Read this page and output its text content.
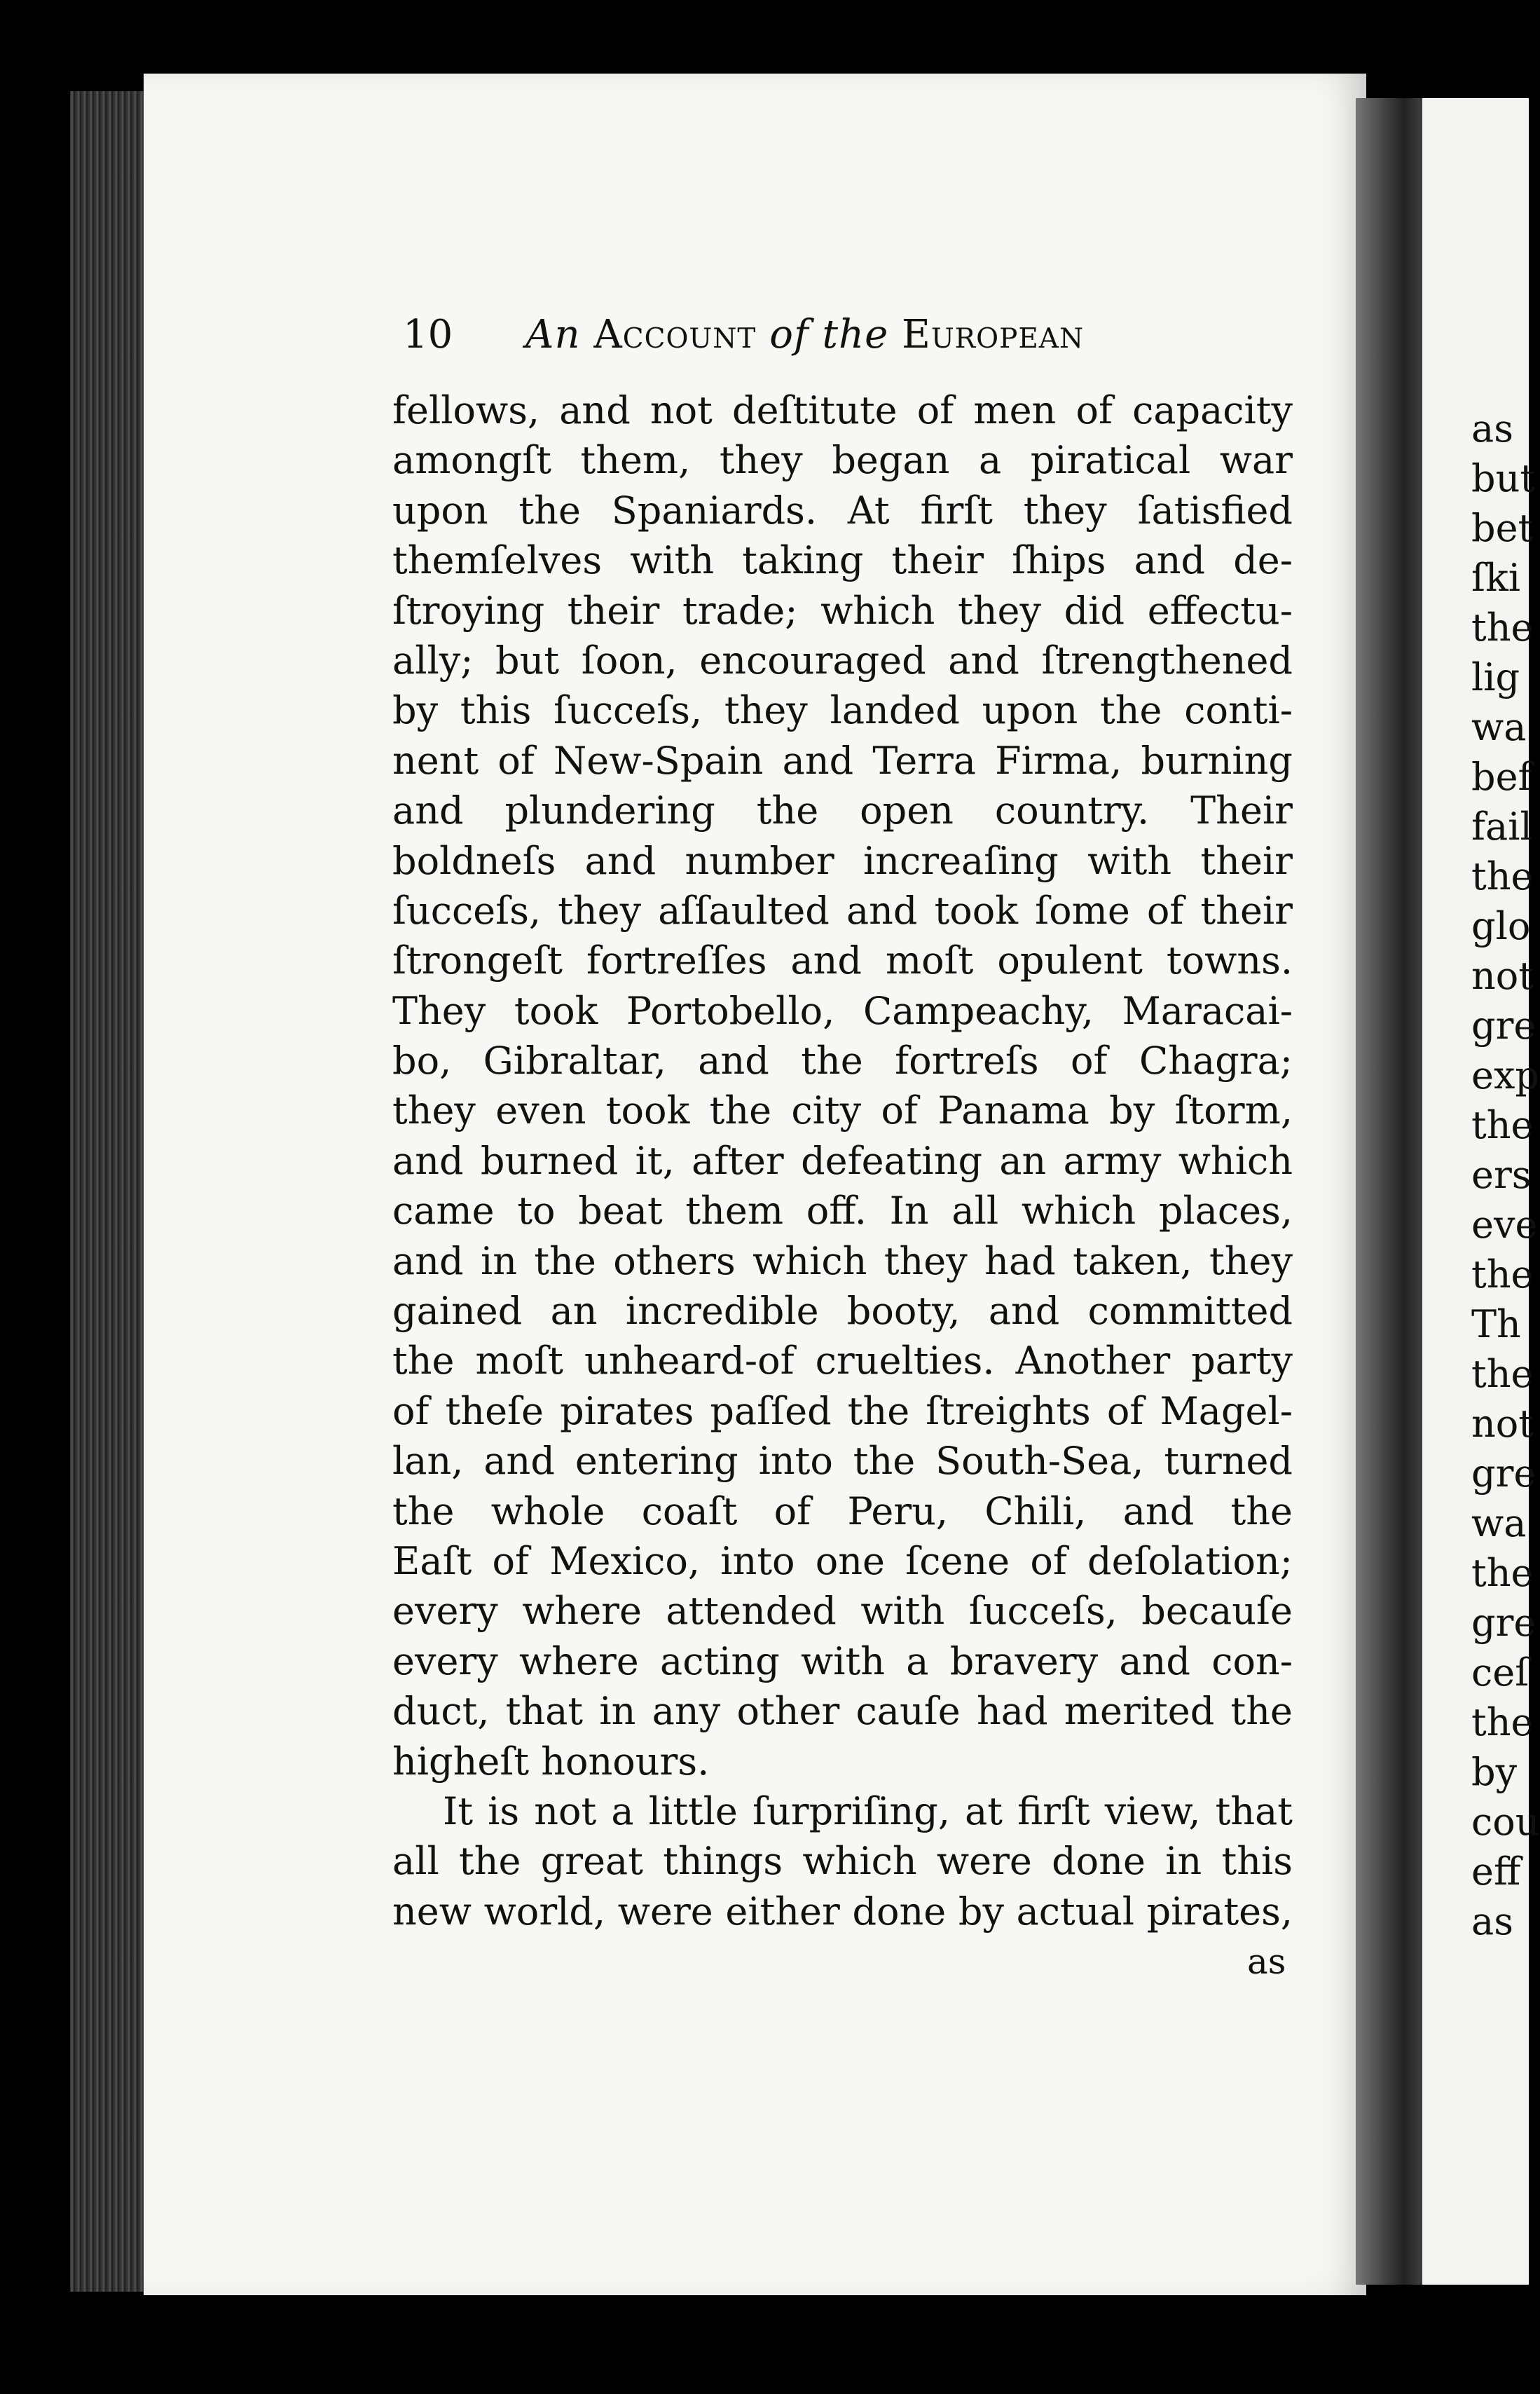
10 An Account of the European
fellows, and not deſtitute of men of capacity
amongſt them, they began a piratical war
upon the Spaniards. At firſt they ſatisfied
themſelves with taking their ſhips and de-
ſtroying their trade; which they did effectu-
ally; but ſoon, encouraged and ſtrengthened
by this ſucceſs, they landed upon the conti-
nent of New-Spain and Terra Firma, burning
and plundering the open country. Their
boldneſs and number increaſing with their
ſucceſs, they aſſaulted and took ſome of their
ſtrongeſt fortreſſes and moſt opulent towns.
They took Portobello, Campeachy, Maracai-
bo, Gibraltar, and the fortreſs of Chagra;
they even took the city of Panama by ſtorm,
and burned it, after defeating an army which
came to beat them off. In all which places,
and in the others which they had taken, they
gained an incredible booty, and committed
the moſt unheard-of cruelties. Another party
of theſe pirates paſſed the ſtreights of Magel-
lan, and entering into the South-Sea, turned
the whole coaſt of Peru, Chili, and the
Eaſt of Mexico, into one ſcene of deſolation;
every where attended with ſucceſs, becauſe
every where acting with a bravery and con-
duct, that in any other cauſe had merited the
higheſt honours.
It is not a little ſurpriſing, at firſt view, that
all the great things which were done in this
new world, were either done by actual pirates,
as
as
but
bet
ſki
the
lig
wa
bef
fail
the
glo
not
gre
exp
the
ers
eve
the
Th
the
not
gre
wa
the
gre
ceſ
the
by
cou
eff
as
